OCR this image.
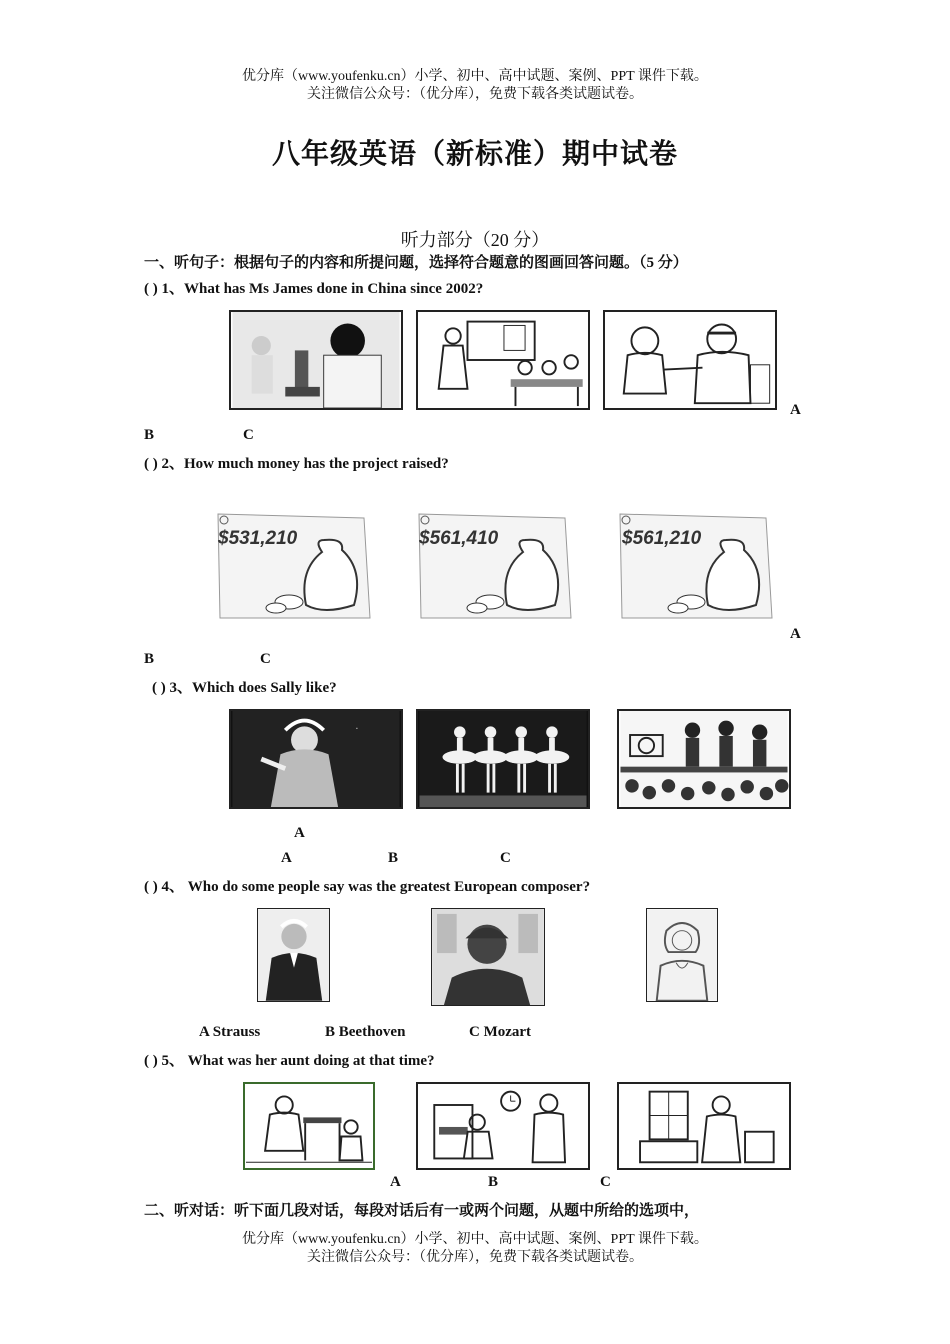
优分库（www.youfenku.cn）小学、初中、高中试题、案例、PPT 课件下载。
关注微信公众号：（优分库），免费下载各类试题试卷。
八年级英语（新标准）期中试卷
听力部分（20 分）
一、听句子：根据句子的内容和所提问题，选择符合题意的图画回答问题。（5 分）
( ) 1、What has Ms James done in China since 2002?
A
B	C
( ) 2、How much money has the project raised?
$531,210	$561,410	$561,210
A
B	C
( ) 3、Which does Sally like?
·
A
A	B	C
( ) 4、 Who do some people say was the greatest European composer?
A Strauss	B Beethoven	C Mozart
( ) 5、 What was her aunt doing at that time?
A	B	C
二、听对话：听下面几段对话，每段对话后有一或两个问题，从题中所给的选项中，
优分库（www.youfenku.cn）小学、初中、高中试题、案例、PPT 课件下载。
关注微信公众号：（优分库），免费下载各类试题试卷。
